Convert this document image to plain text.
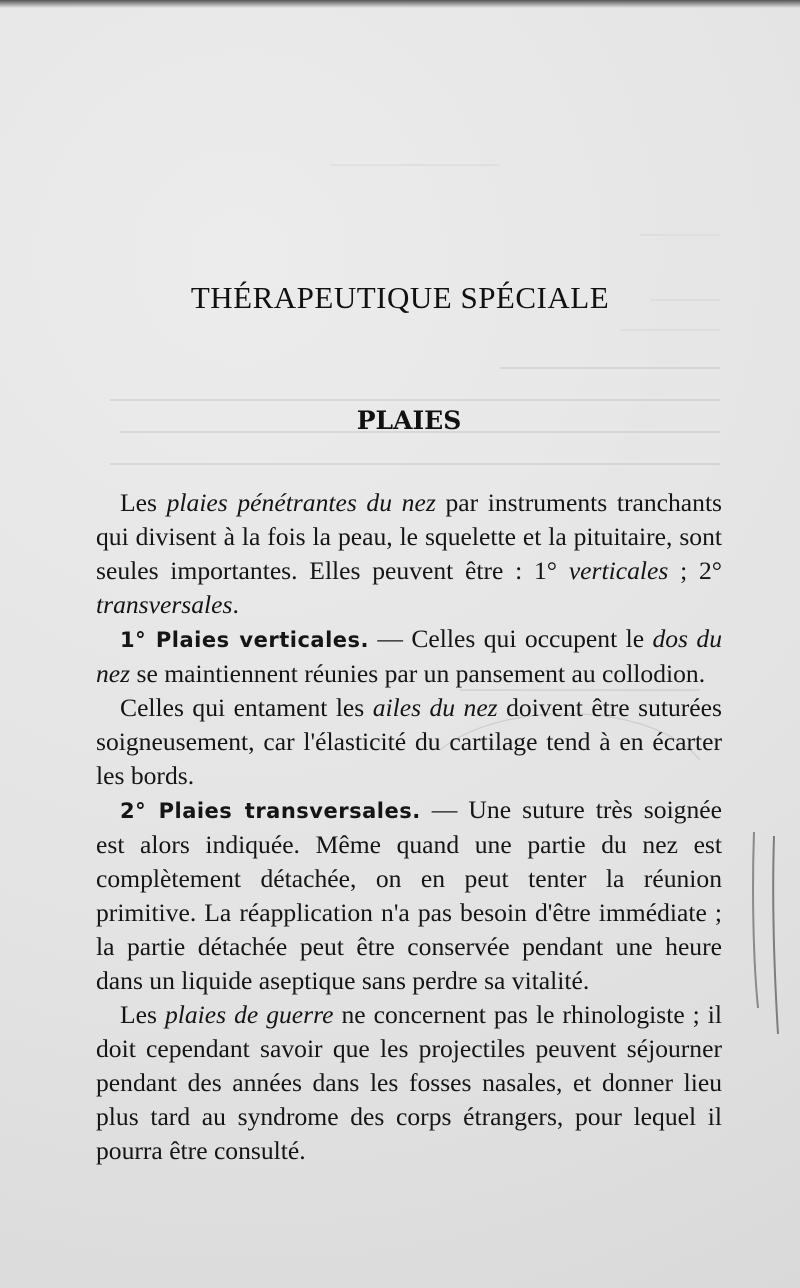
THÉRAPEUTIQUE SPÉCIALE
PLAIES

Les plaies pénétrantes du nez par instruments tranchants qui divisent à la fois la peau, le squelette et la pituitaire, sont seules importantes. Elles peuvent être : 1° verticales ; 2° transversales.

1° Plaies verticales. — Celles qui occupent le dos du nez se maintiennent réunies par un pansement au collodion.

Celles qui entament les ailes du nez doivent être suturées soigneusement, car l'élasticité du cartilage tend à en écarter les bords.

2° Plaies transversales. — Une suture très soignée est alors indiquée. Même quand une partie du nez est complètement détachée, on en peut tenter la réunion primitive. La réapplication n'a pas besoin d'être immédiate ; la partie détachée peut être conservée pendant une heure dans un liquide aseptique sans perdre sa vitalité.

Les plaies de guerre ne concernent pas le rhinologiste ; il doit cependant savoir que les projectiles peuvent séjourner pendant des années dans les fosses nasales, et donner lieu plus tard au syndrome des corps étrangers, pour lequel il pourra être consulté.
